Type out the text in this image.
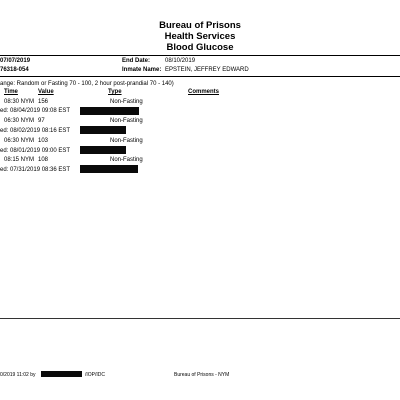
Bureau of Prisons
Health Services
Blood Glucose
07/07/2019	End Date: 08/10/2019
76318-054	Inmate Name: EPSTEIN, JEFFREY EDWARD
ange: Random or Fasting 70 - 100, 2 hour post-prandial 70 - 140)
Time	Value	Type	Comments
08:30 NYM 156	Non-Fasting
ed: 08/04/2019 09:08 EST
06:30 NYM 97	Non-Fasting
ed: 08/02/2019 08:16 EST
06:30 NYM 103	Non-Fasting
ed: 08/01/2019 09:00 EST
08:15 NYM 108	Non-Fasting
ed: 07/31/2019 08:36 EST
0/2019 11:02 by	/IOP/IDC	Bureau of Prisons - NYM
